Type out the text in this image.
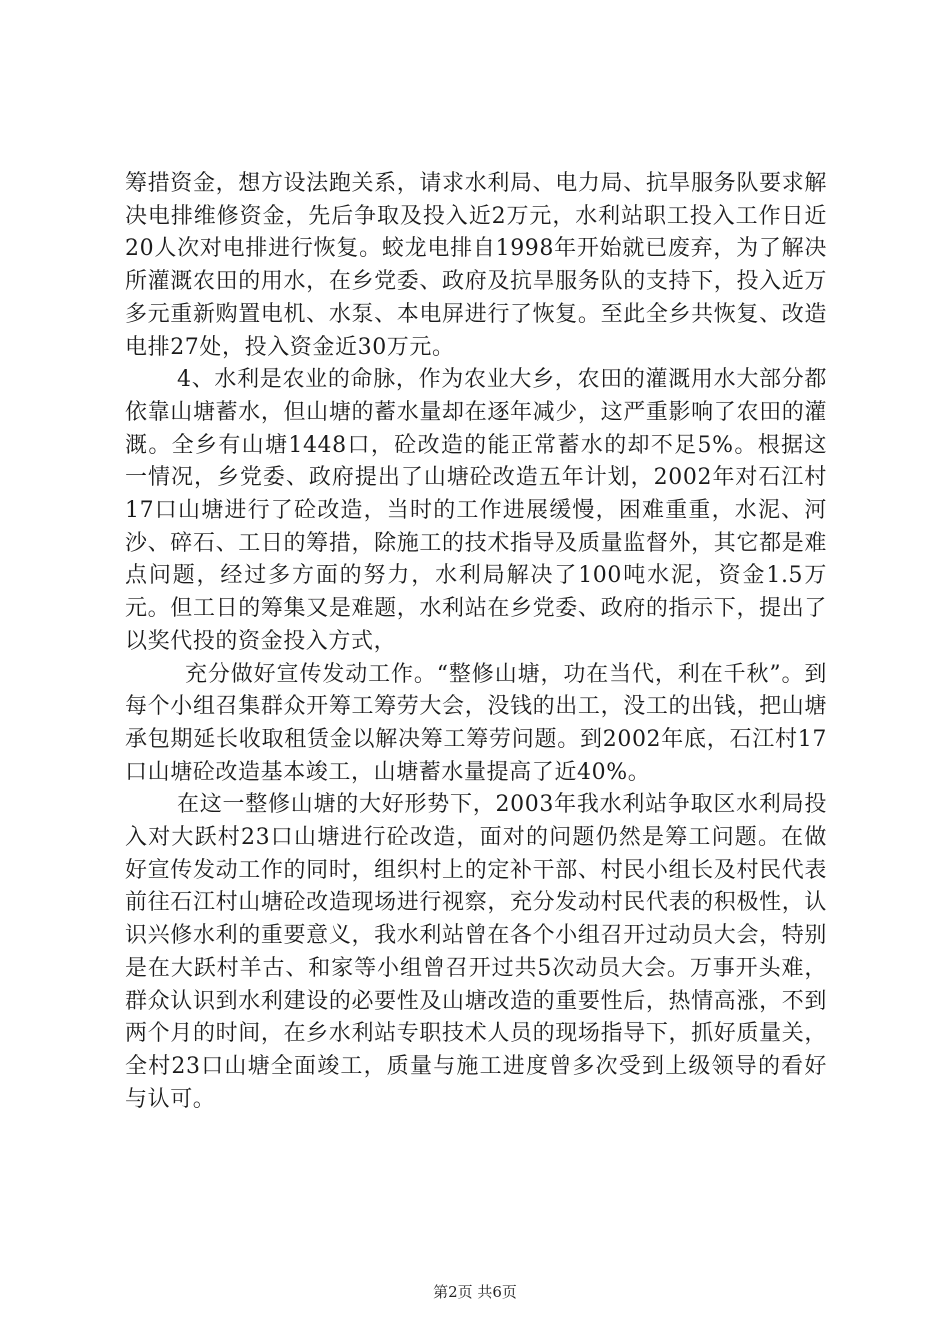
筹措资金，想方设法跑关系，请求水利局、电力局、抗旱服务队要求解决电排维修资金，先后争取及投入近2万元，水利站职工投入工作日近20人次对电排进行恢复。蛟龙电排自1998年开始就已废弃，为了解决所灌溉农田的用水，在乡党委、政府及抗旱服务队的支持下，投入近万多元重新购置电机、水泵、本电屏进行了恢复。至此全乡共恢复、改造电排27处，投入资金近30万元。

4、水利是农业的命脉，作为农业大乡，农田的灌溉用水大部分都依靠山塘蓄水，但山塘的蓄水量却在逐年减少，这严重影响了农田的灌溉。全乡有山塘1448口，砼改造的能正常蓄水的却不足5%。根据这一情况，乡党委、政府提出了山塘砼改造五年计划，2002年对石江村17口山塘进行了砼改造，当时的工作进展缓慢，困难重重，水泥、河沙、碎石、工日的筹措，除施工的技术指导及质量监督外，其它都是难点问题，经过多方面的努力，水利局解决了100吨水泥，资金1.5万元。但工日的筹集又是难题，水利站在乡党委、政府的指示下，提出了以奖代投的资金投入方式，

充分做好宣传发动工作。“整修山塘，功在当代，利在千秋”。到每个小组召集群众开筹工筹劳大会，没钱的出工，没工的出钱，把山塘承包期延长收取租赁金以解决筹工筹劳问题。到2002年底，石江村17口山塘砼改造基本竣工，山塘蓄水量提高了近40%。

在这一整修山塘的大好形势下，2003年我水利站争取区水利局投入对大跃村23口山塘进行砼改造，面对的问题仍然是筹工问题。在做好宣传发动工作的同时，组织村上的定补干部、村民小组长及村民代表前往石江村山塘砼改造现场进行视察，充分发动村民代表的积极性，认识兴修水利的重要意义，我水利站曾在各个小组召开过动员大会，特别是在大跃村羊古、和家等小组曾召开过共5次动员大会。万事开头难，群众认识到水利建设的必要性及山塘改造的重要性后，热情高涨，不到两个月的时间，在乡水利站专职技术人员的现场指导下，抓好质量关，全村23口山塘全面竣工，质量与施工进度曾多次受到上级领导的看好与认可。

第2页 共6页
